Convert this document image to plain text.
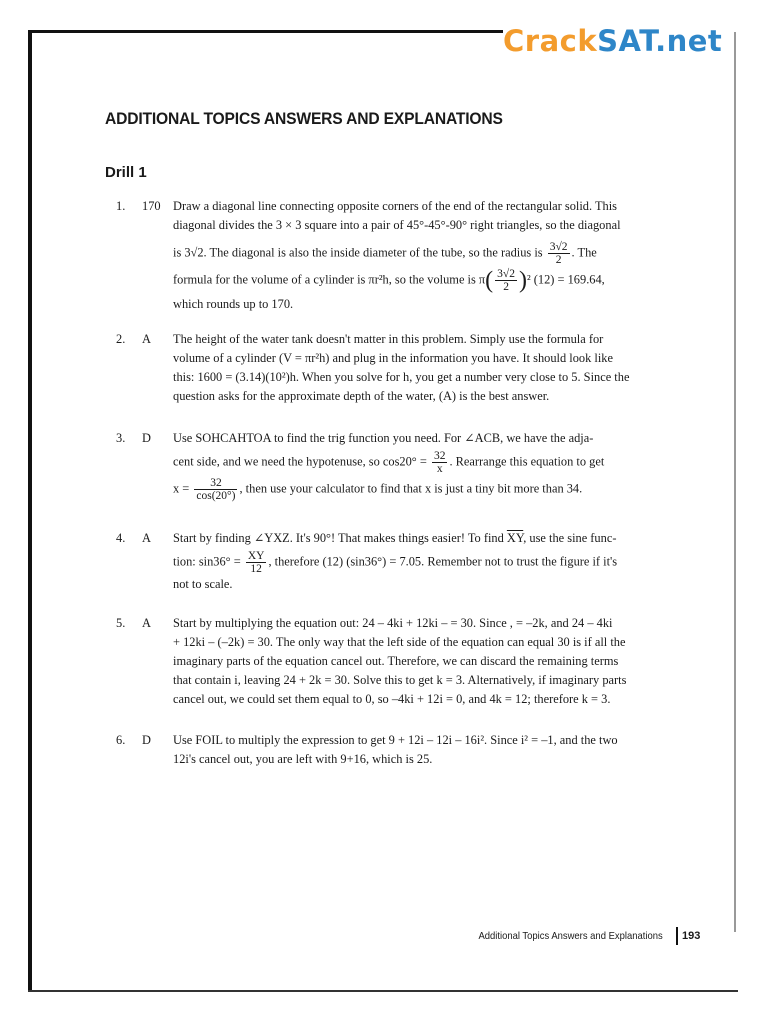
CrackSAT.net
ADDITIONAL TOPICS ANSWERS AND EXPLANATIONS
Drill 1
1. 170 Draw a diagonal line connecting opposite corners of the end of the rectangular solid. This

diagonal divides the 3 × 3 square into a pair of 45°-45°-90° right triangles, so the diagonal

is 3√2. The diagonal is also the inside diameter of the tube, so the radius is $\frac{3√2}{2}$ . The

formula for the volume of a cylinder is πr²h, so the volume is $\pi( \frac{3√2}{2} )^2$ (12) = 169.64,

which rounds up to 170.

2. A The height of the water tank doesn't matter in this problem. Simply use the formula for

volume of a cylinder (V = πr²h) and plug in the information you have. It should look like

this: 1600 = (3.14)(10²)h. When you solve for h, you get a number very close to 5. Since the

question asks for the approximate depth of the water, (A) is the best answer.

3. D Use SOHCAHTOA to find the trig function you need. For ∠ACB, we have the adja-

cent side, and we need the hypotenuse, so $\cos 20^\circ = \frac{32}{x}$ . Rearrange this equation to get

$x = \frac{32}{\cos(20^\circ)}$ , then use your calculator to find that x is just a tiny bit more than 34.

4. A Start by finding ∠YXZ. It's 90°! That makes things easier! To find $\overline{XY}$, use the sine func-

tion: $\sin 36^\circ = \frac{XY}{12}$ , therefore (12) (sin36°) = 7.05. Remember not to trust the figure if it's

not to scale.

5. A Start by multiplying the equation out: 24 – 4ki + 12ki – = 30. Since , = –2k, and 24 – 4ki

+ 12ki – (–2k) = 30. The only way that the left side of the equation can equal 30 is if all the

imaginary parts of the equation cancel out. Therefore, we can discard the remaining terms

that contain i, leaving 24 + 2k = 30. Solve this to get k = 3. Alternatively, if imaginary parts

cancel out, we could set them equal to 0, so –4ki + 12i = 0, and 4k = 12; therefore k = 3.

6. D Use FOIL to multiply the expression to get 9 + 12i – 12i – 16i². Since i² = –1, and the two

12i's cancel out, you are left with 9+16, which is 25.

Additional Topics Answers and Explanations 193
